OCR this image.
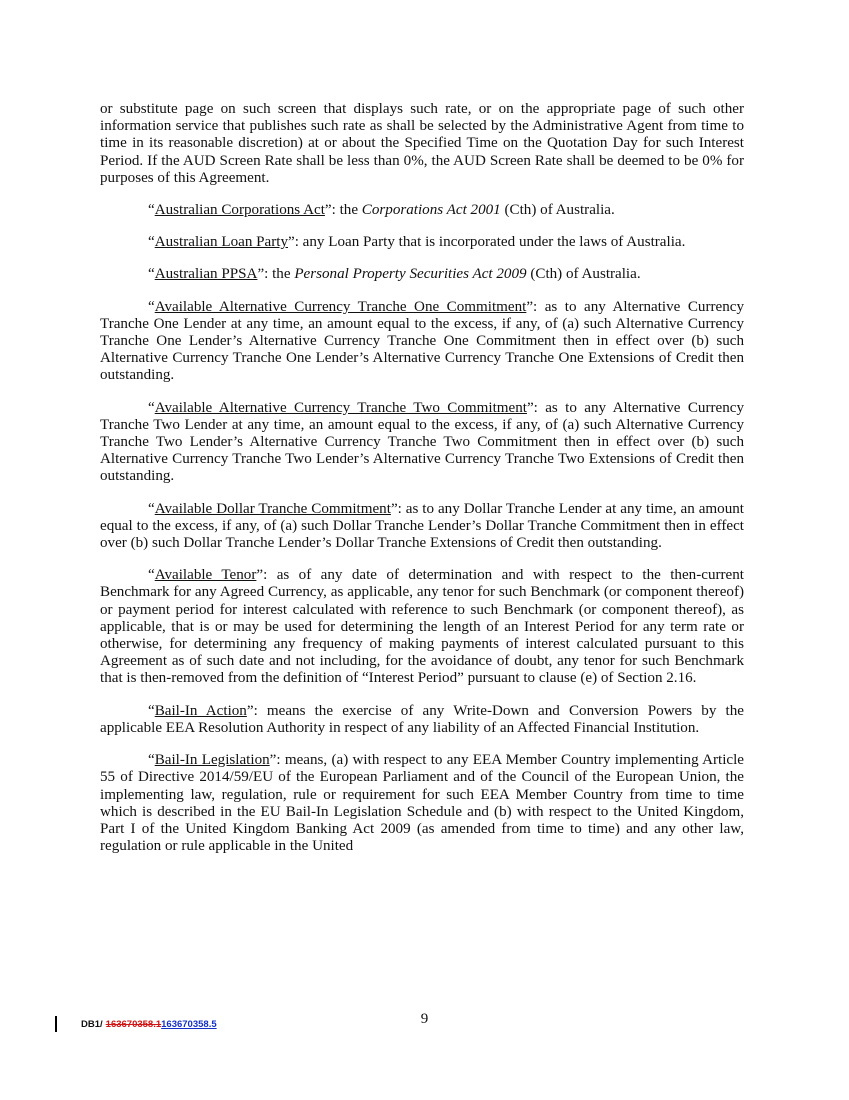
or substitute page on such screen that displays such rate, or on the appropriate page of such other information service that publishes such rate as shall be selected by the Administrative Agent from time to time in its reasonable discretion) at or about the Specified Time on the Quotation Day for such Interest Period. If the AUD Screen Rate shall be less than 0%, the AUD Screen Rate shall be deemed to be 0% for purposes of this Agreement.

“Australian Corporations Act”: the Corporations Act 2001 (Cth) of Australia.

“Australian Loan Party”: any Loan Party that is incorporated under the laws of Australia.

“Australian PPSA”: the Personal Property Securities Act 2009 (Cth) of Australia.

“Available Alternative Currency Tranche One Commitment”: as to any Alternative Currency Tranche One Lender at any time, an amount equal to the excess, if any, of (a) such Alternative Currency Tranche One Lender’s Alternative Currency Tranche One Commitment then in effect over (b) such Alternative Currency Tranche One Lender’s Alternative Currency Tranche One Extensions of Credit then outstanding.

“Available Alternative Currency Tranche Two Commitment”: as to any Alternative Currency Tranche Two Lender at any time, an amount equal to the excess, if any, of (a) such Alternative Currency Tranche Two Lender’s Alternative Currency Tranche Two Commitment then in effect over (b) such Alternative Currency Tranche Two Lender’s Alternative Currency Tranche Two Extensions of Credit then outstanding.

“Available Dollar Tranche Commitment”: as to any Dollar Tranche Lender at any time, an amount equal to the excess, if any, of (a) such Dollar Tranche Lender’s Dollar Tranche Commitment then in effect over (b) such Dollar Tranche Lender’s Dollar Tranche Extensions of Credit then outstanding.

“Available Tenor”: as of any date of determination and with respect to the then-current Benchmark for any Agreed Currency, as applicable, any tenor for such Benchmark (or component thereof) or payment period for interest calculated with reference to such Benchmark (or component thereof), as applicable, that is or may be used for determining the length of an Interest Period for any term rate or otherwise, for determining any frequency of making payments of interest calculated pursuant to this Agreement as of such date and not including, for the avoidance of doubt, any tenor for such Benchmark that is then-removed from the definition of “Interest Period” pursuant to clause (e) of Section 2.16.

“Bail-In Action”: means the exercise of any Write-Down and Conversion Powers by the applicable EEA Resolution Authority in respect of any liability of an Affected Financial Institution.

“Bail-In Legislation”: means, (a) with respect to any EEA Member Country implementing Article 55 of Directive 2014/59/EU of the European Parliament and of the Council of the European Union, the implementing law, regulation, rule or requirement for such EEA Member Country from time to time which is described in the EU Bail-In Legislation Schedule and (b) with respect to the United Kingdom, Part I of the United Kingdom Banking Act 2009 (as amended from time to time) and any other law, regulation or rule applicable in the United

9
DB1/ 163670358.1 163670358.5
